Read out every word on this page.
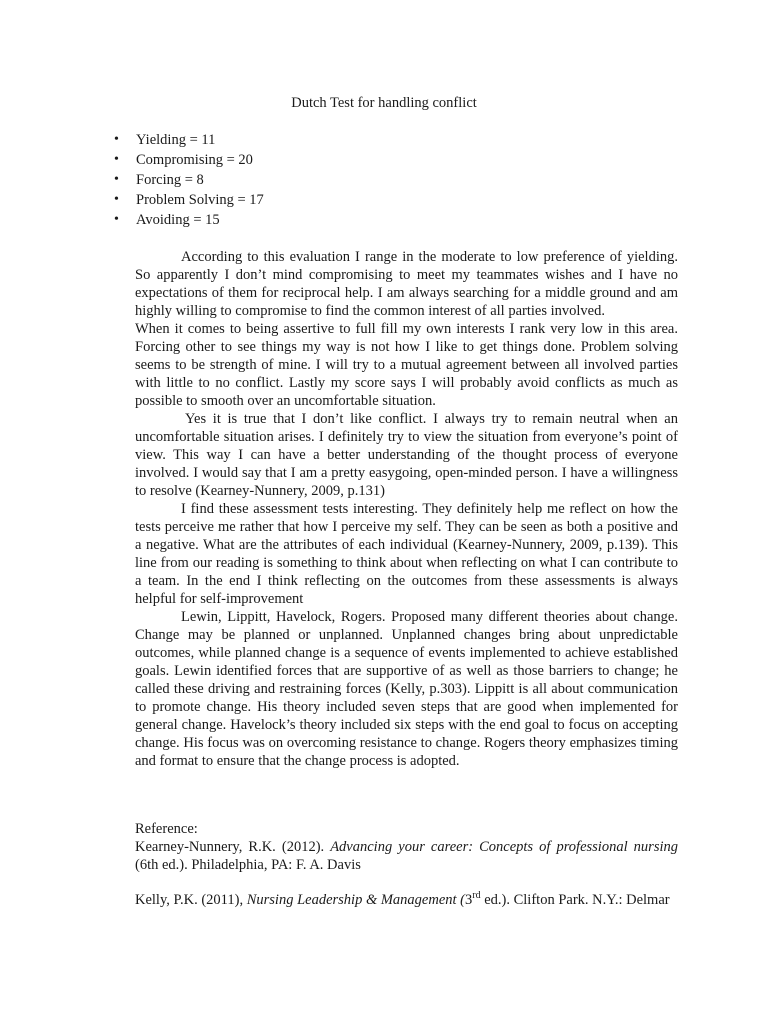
Dutch Test for handling conflict
• Yielding = 11
• Compromising = 20
• Forcing = 8
• Problem Solving = 17
• Avoiding = 15

According to this evaluation I range in the moderate to low preference of yielding. So apparently I don’t mind compromising to meet my teammates wishes and I have no expectations of them for reciprocal help. I am always searching for a middle ground and am highly willing to compromise to find the common interest of all parties involved.

When it comes to being assertive to full fill my own interests I rank very low in this area. Forcing other to see things my way is not how I like to get things done. Problem solving seems to be strength of mine. I will try to a mutual agreement between all involved parties with little to no conflict. Lastly my score says I will probably avoid conflicts as much as possible to smooth over an uncomfortable situation.

Yes it is true that I don’t like conflict. I always try to remain neutral when an uncomfortable situation arises. I definitely try to view the situation from everyone’s point of view. This way I can have a better understanding of the thought process of everyone involved. I would say that I am a pretty easygoing, open-minded person. I have a willingness to resolve (Kearney-Nunnery, 2009, p.131)

I find these assessment tests interesting. They definitely help me reflect on how the tests perceive me rather that how I perceive my self. They can be seen as both a positive and a negative. What are the attributes of each individual (Kearney-Nunnery, 2009, p.139). This line from our reading is something to think about when reflecting on what I can contribute to a team. In the end I think reflecting on the outcomes from these assessments is always helpful for self-improvement

Lewin, Lippitt, Havelock, Rogers. Proposed many different theories about change. Change may be planned or unplanned. Unplanned changes bring about unpredictable outcomes, while planned change is a sequence of events implemented to achieve established goals. Lewin identified forces that are supportive of as well as those barriers to change; he called these driving and restraining forces (Kelly, p.303). Lippitt is all about communication to promote change. His theory included seven steps that are good when implemented for general change. Havelock’s theory included six steps with the end goal to focus on accepting change. His focus was on overcoming resistance to change. Rogers theory emphasizes timing and format to ensure that the change process is adopted.

Reference:

Kearney-Nunnery, R.K. (2012). Advancing your career: Concepts of professional nursing (6th ed.). Philadelphia, PA: F. A. Davis

Kelly, P.K. (2011), Nursing Leadership & Management (3rd ed.). Clifton Park. N.Y.: Delmar
